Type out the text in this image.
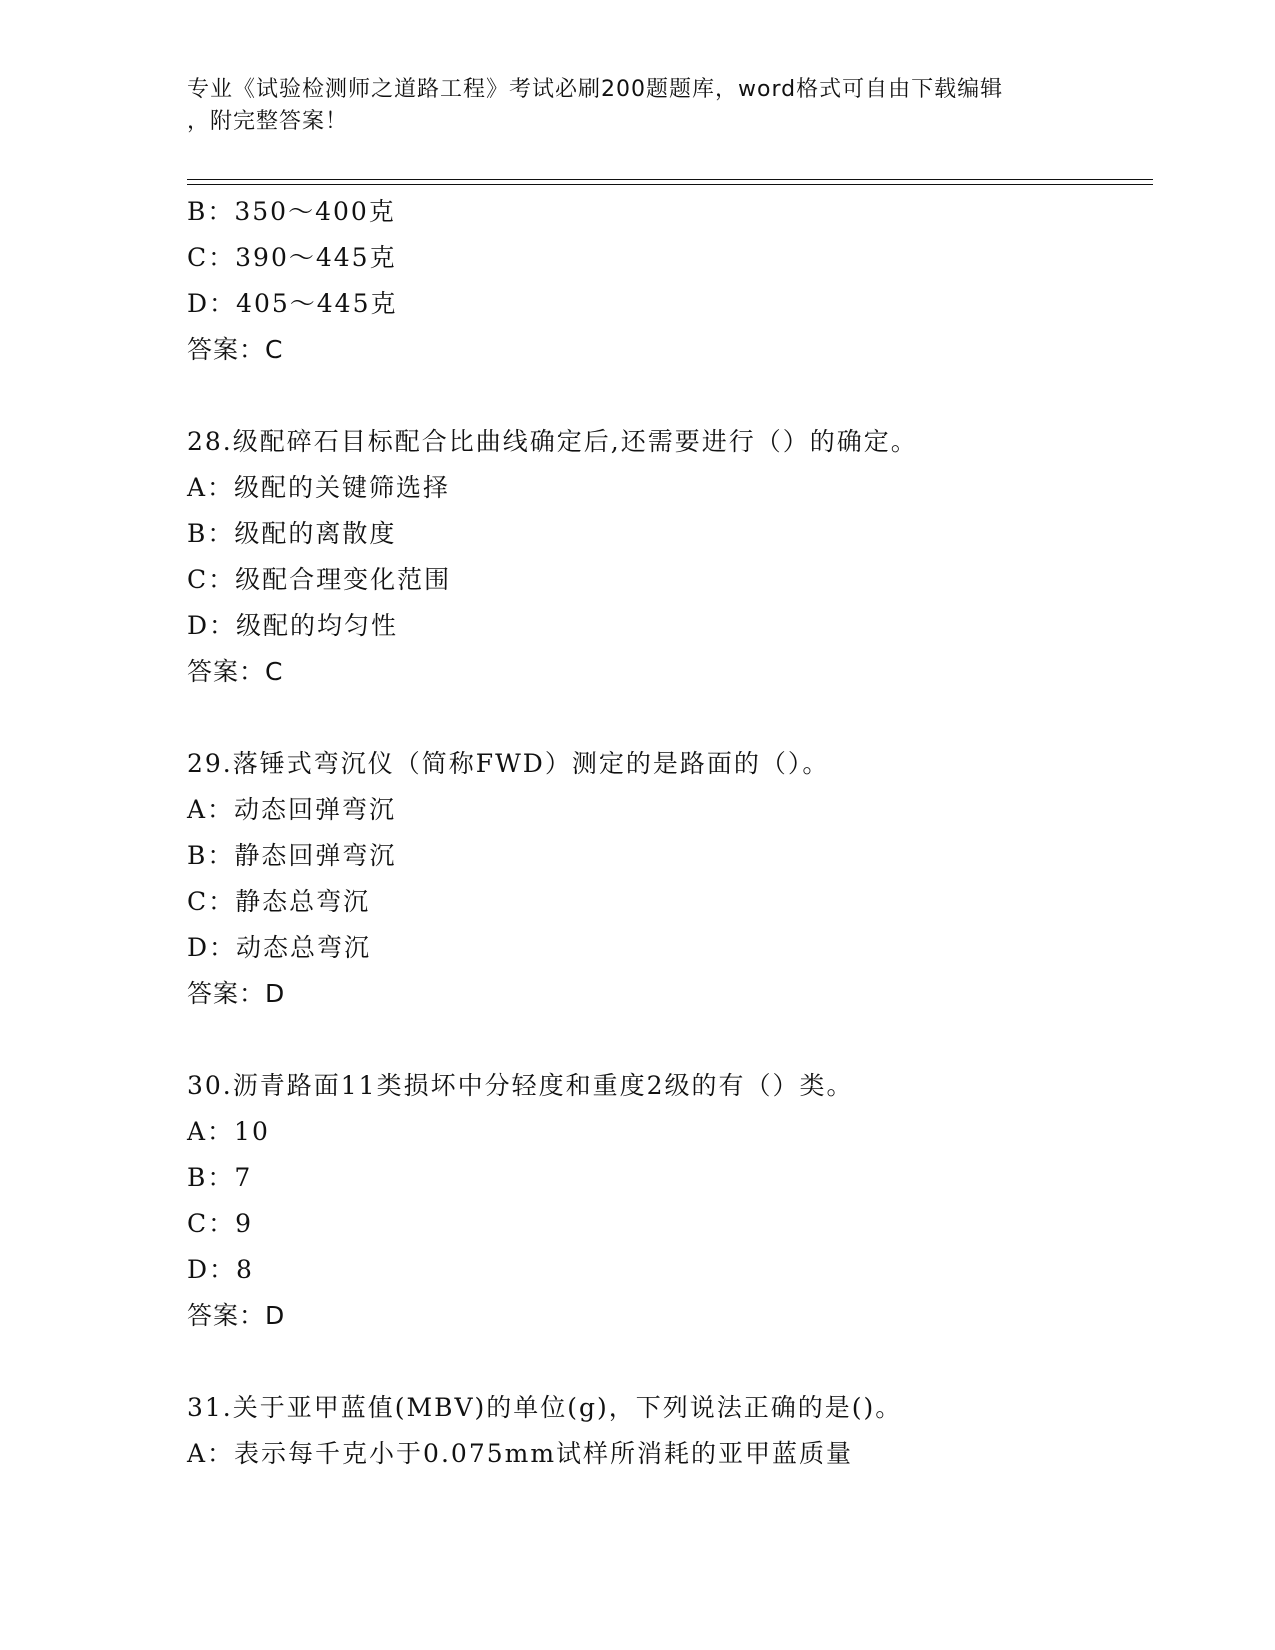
专业《试验检测师之道路工程》考试必刷200题题库，word格式可自由下载编辑
，附完整答案！
B：350～400克
C：390～445克
D：405～445克
答案：C
28.级配碎石目标配合比曲线确定后,还需要进行（）的确定。
A：级配的关键筛选择
B：级配的离散度
C：级配合理变化范围
D：级配的均匀性
答案：C
29.落锤式弯沉仪（简称FWD）测定的是路面的（）。
A：动态回弹弯沉
B：静态回弹弯沉
C：静态总弯沉
D：动态总弯沉
答案：D
30.沥青路面11类损坏中分轻度和重度2级的有（）类。
A：10
B：7
C：9
D：8
答案：D
31.关于亚甲蓝值(MBV)的单位(g)，下列说法正确的是()。
A：表示每千克小于0.075mm试样所消耗的亚甲蓝质量
